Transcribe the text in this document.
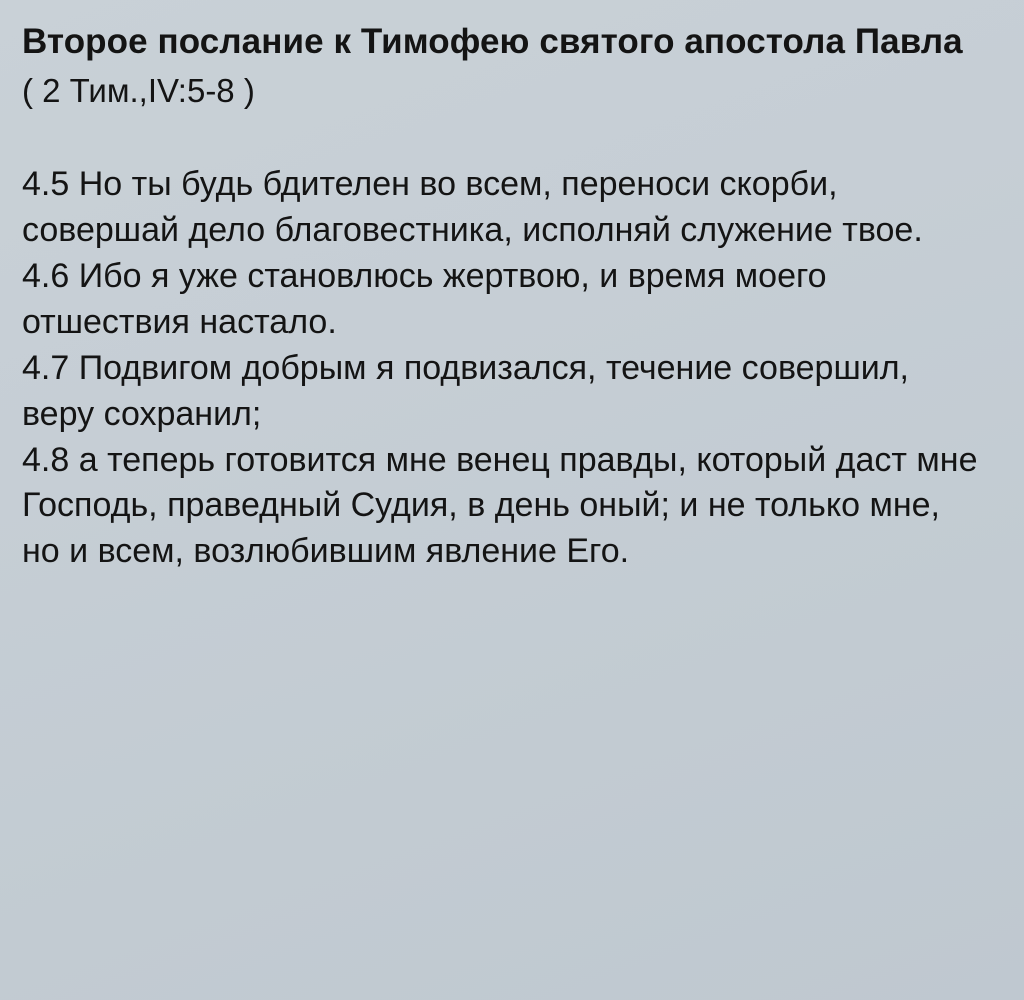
Второе послание к Тимофею святого апостола Павла

( 2 Тим.,IV:5-8 )

4.5 Но ты будь бдителен во всем, переноси скорби, совершай дело благовестника, исполняй служение твое.

4.6 Ибо я уже становлюсь жертвою, и время моего отшествия настало.

4.7 Подвигом добрым я подвизался, течение совершил, веру сохранил;

4.8 а теперь готовится мне венец правды, который даст мне Господь, праведный Судия, в день оный; и не только мне, но и всем, возлюбившим явление Его.
